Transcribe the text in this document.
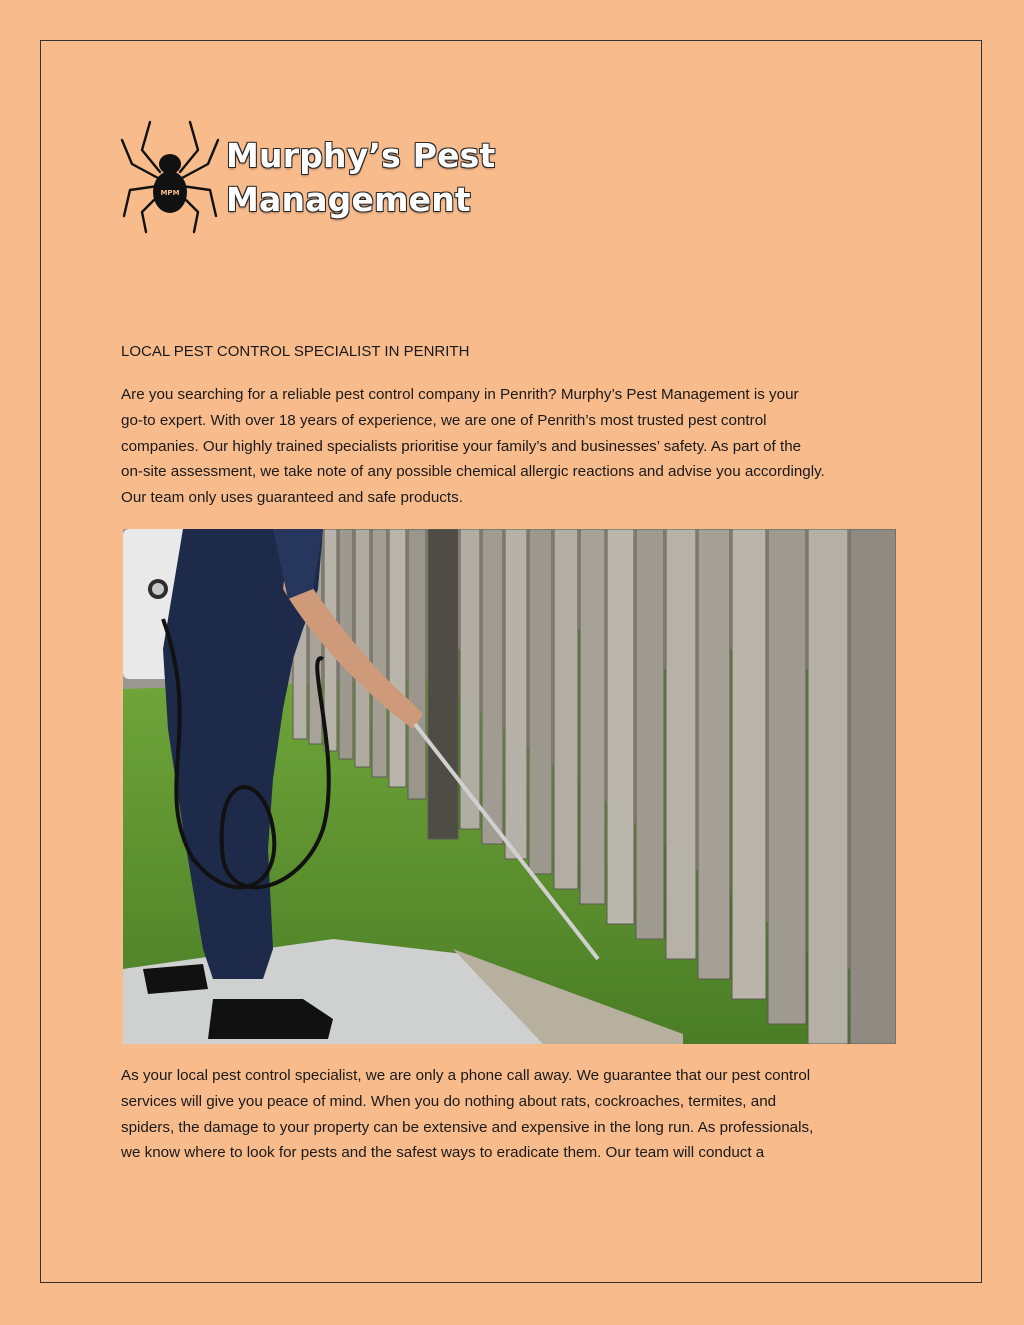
MPM
Murphy’s Pest
Management
LOCAL PEST CONTROL SPECIALIST IN PENRITH
Are you searching for a reliable pest control company in Penrith? Murphy’s Pest Management is your
go-to expert. With over 18 years of experience, we are one of Penrith’s most trusted pest control
companies. Our highly trained specialists prioritise your family’s and businesses’ safety. As part of the
on-site assessment, we take note of any possible chemical allergic reactions and advise you accordingly.
Our team only uses guaranteed and safe products.
As your local pest control specialist, we are only a phone call away. We guarantee that our pest control
services will give you peace of mind. When you do nothing about rats, cockroaches, termites, and
spiders, the damage to your property can be extensive and expensive in the long run. As professionals,
we know where to look for pests and the safest ways to eradicate them. Our team will conduct a
